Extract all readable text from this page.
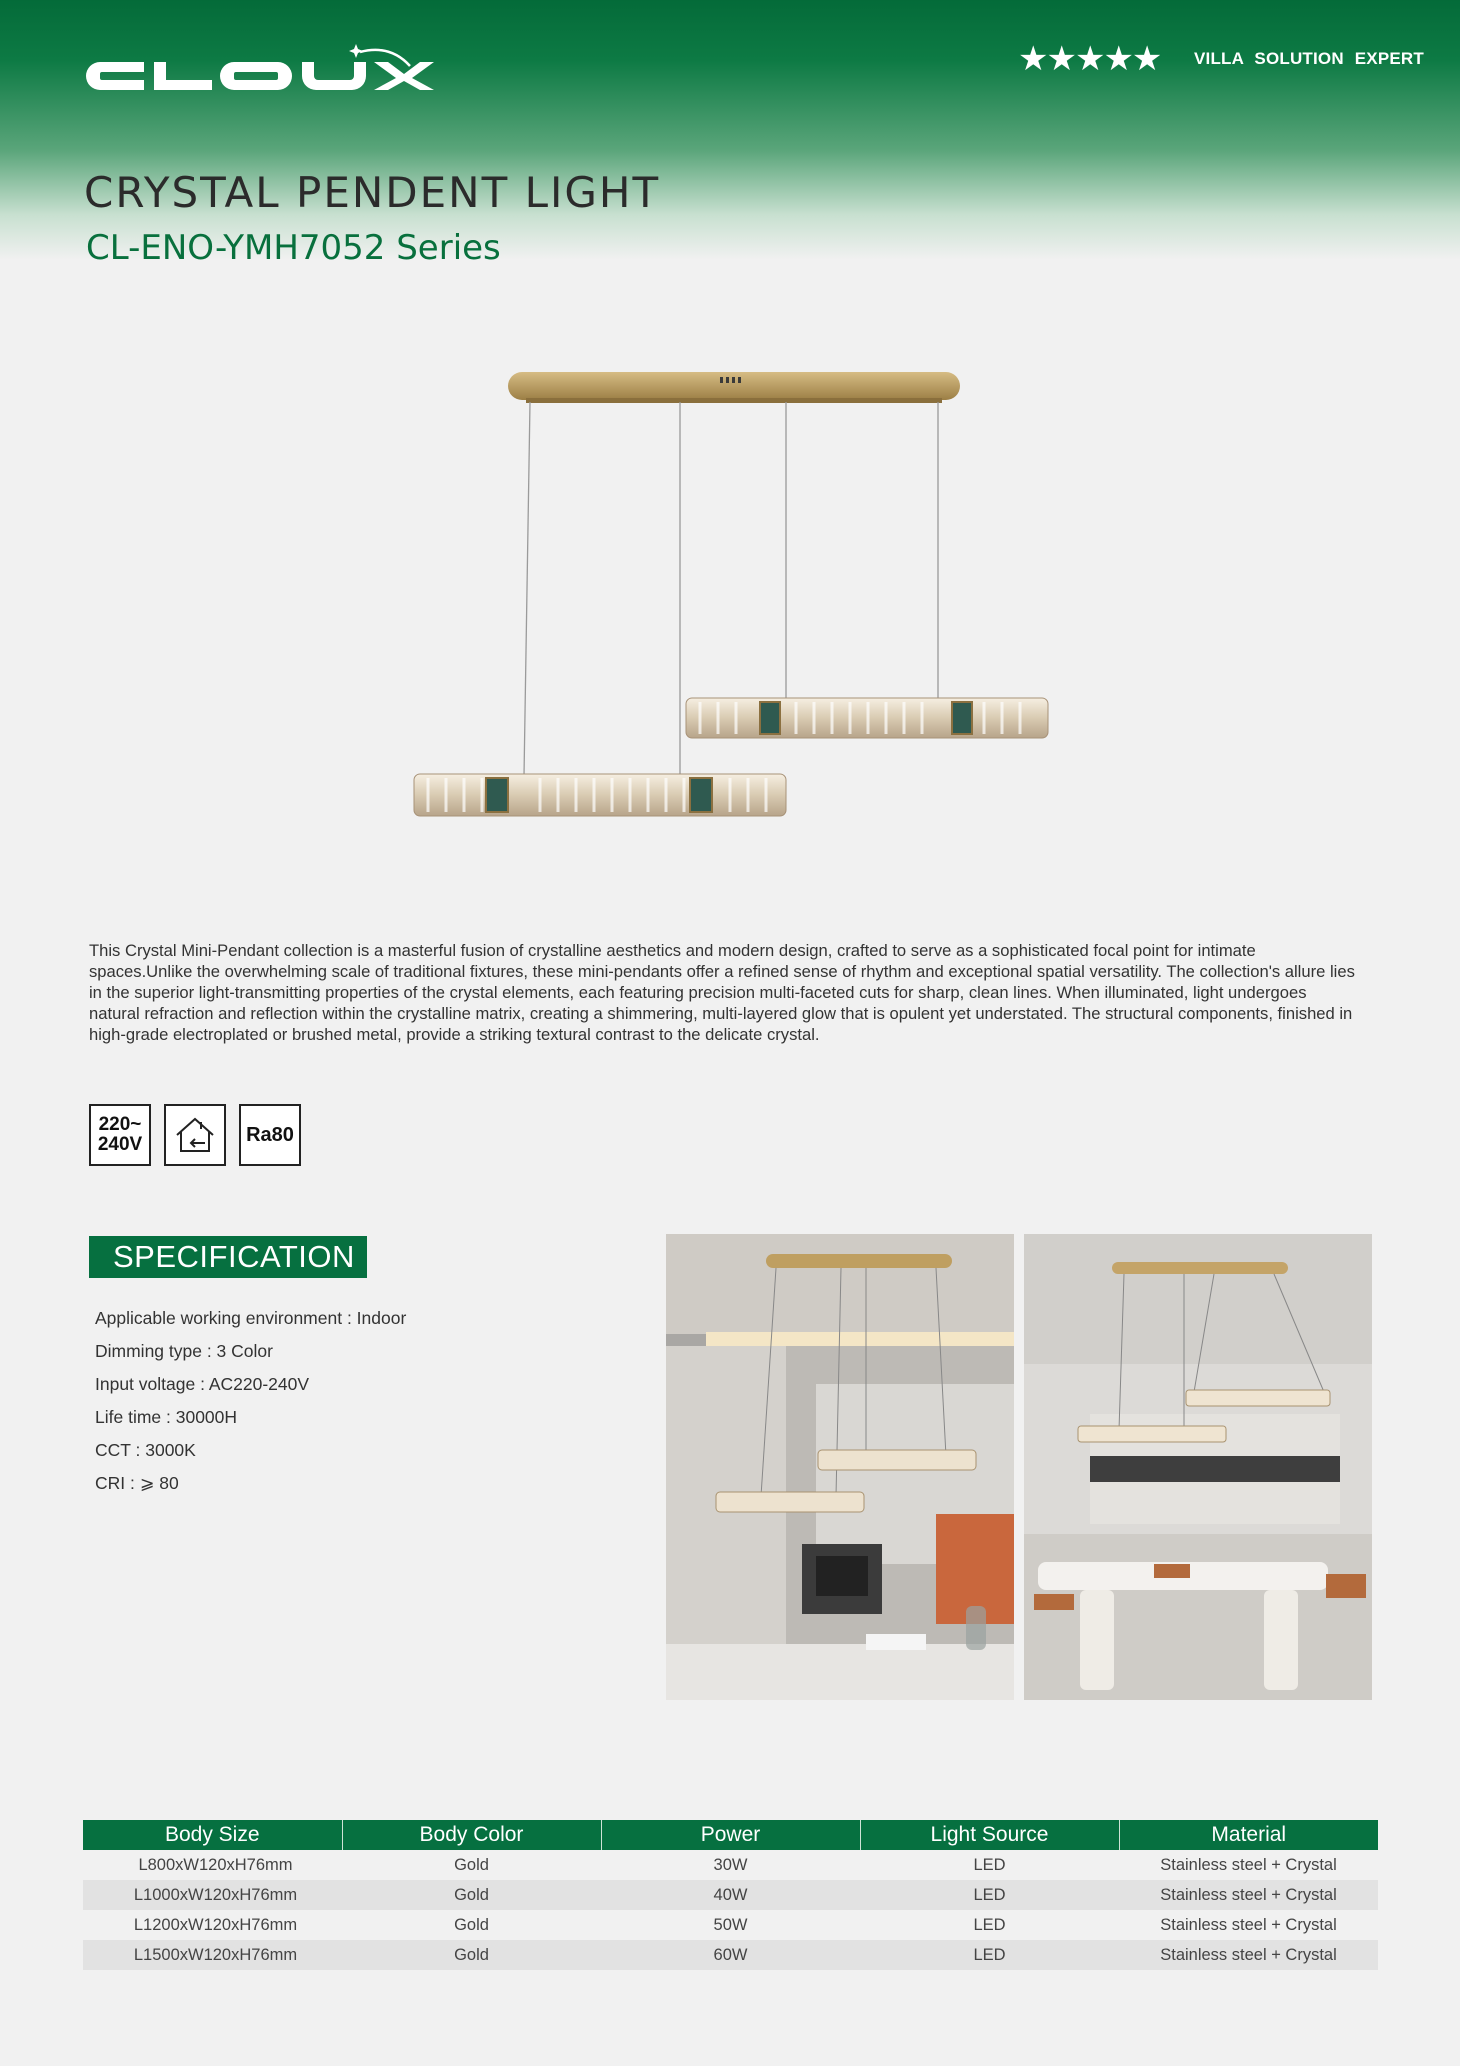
★★★★★ VILLA SOLUTION EXPERT
CRYSTAL PENDENT LIGHT
CL-ENO-YMH7052 Series

This Crystal Mini-Pendant collection is a masterful fusion of crystalline aesthetics and modern design, crafted to serve as a sophisticated focal point for intimate spaces.Unlike the overwhelming scale of traditional fixtures, these mini-pendants offer a refined sense of rhythm and exceptional spatial versatility. The collection's allure lies in the superior light-transmitting properties of the crystal elements, each featuring precision multi-faceted cuts for sharp, clean lines. When illuminated, light undergoes natural refraction and reflection within the crystalline matrix, creating a shimmering, multi-layered glow that is opulent yet understated. The structural components, finished in high-grade electroplated or brushed metal, provide a striking textural contrast to the delicate crystal.

220~
240V	Ra80
SPECIFICATION
Applicable working environment : Indoor
Dimming type : 3 Color
Input voltage : AC220-240V
Life time : 30000H
CCT : 3000K
CRI : ⩾ 80
Body Size	Body Color	Power	Light Source	Material
L800xW120xH76mm	Gold	30W	LED	Stainless steel + Crystal
L1000xW120xH76mm	Gold	40W	LED	Stainless steel + Crystal
L1200xW120xH76mm	Gold	50W	LED	Stainless steel + Crystal
L1500xW120xH76mm	Gold	60W	LED	Stainless steel + Crystal
